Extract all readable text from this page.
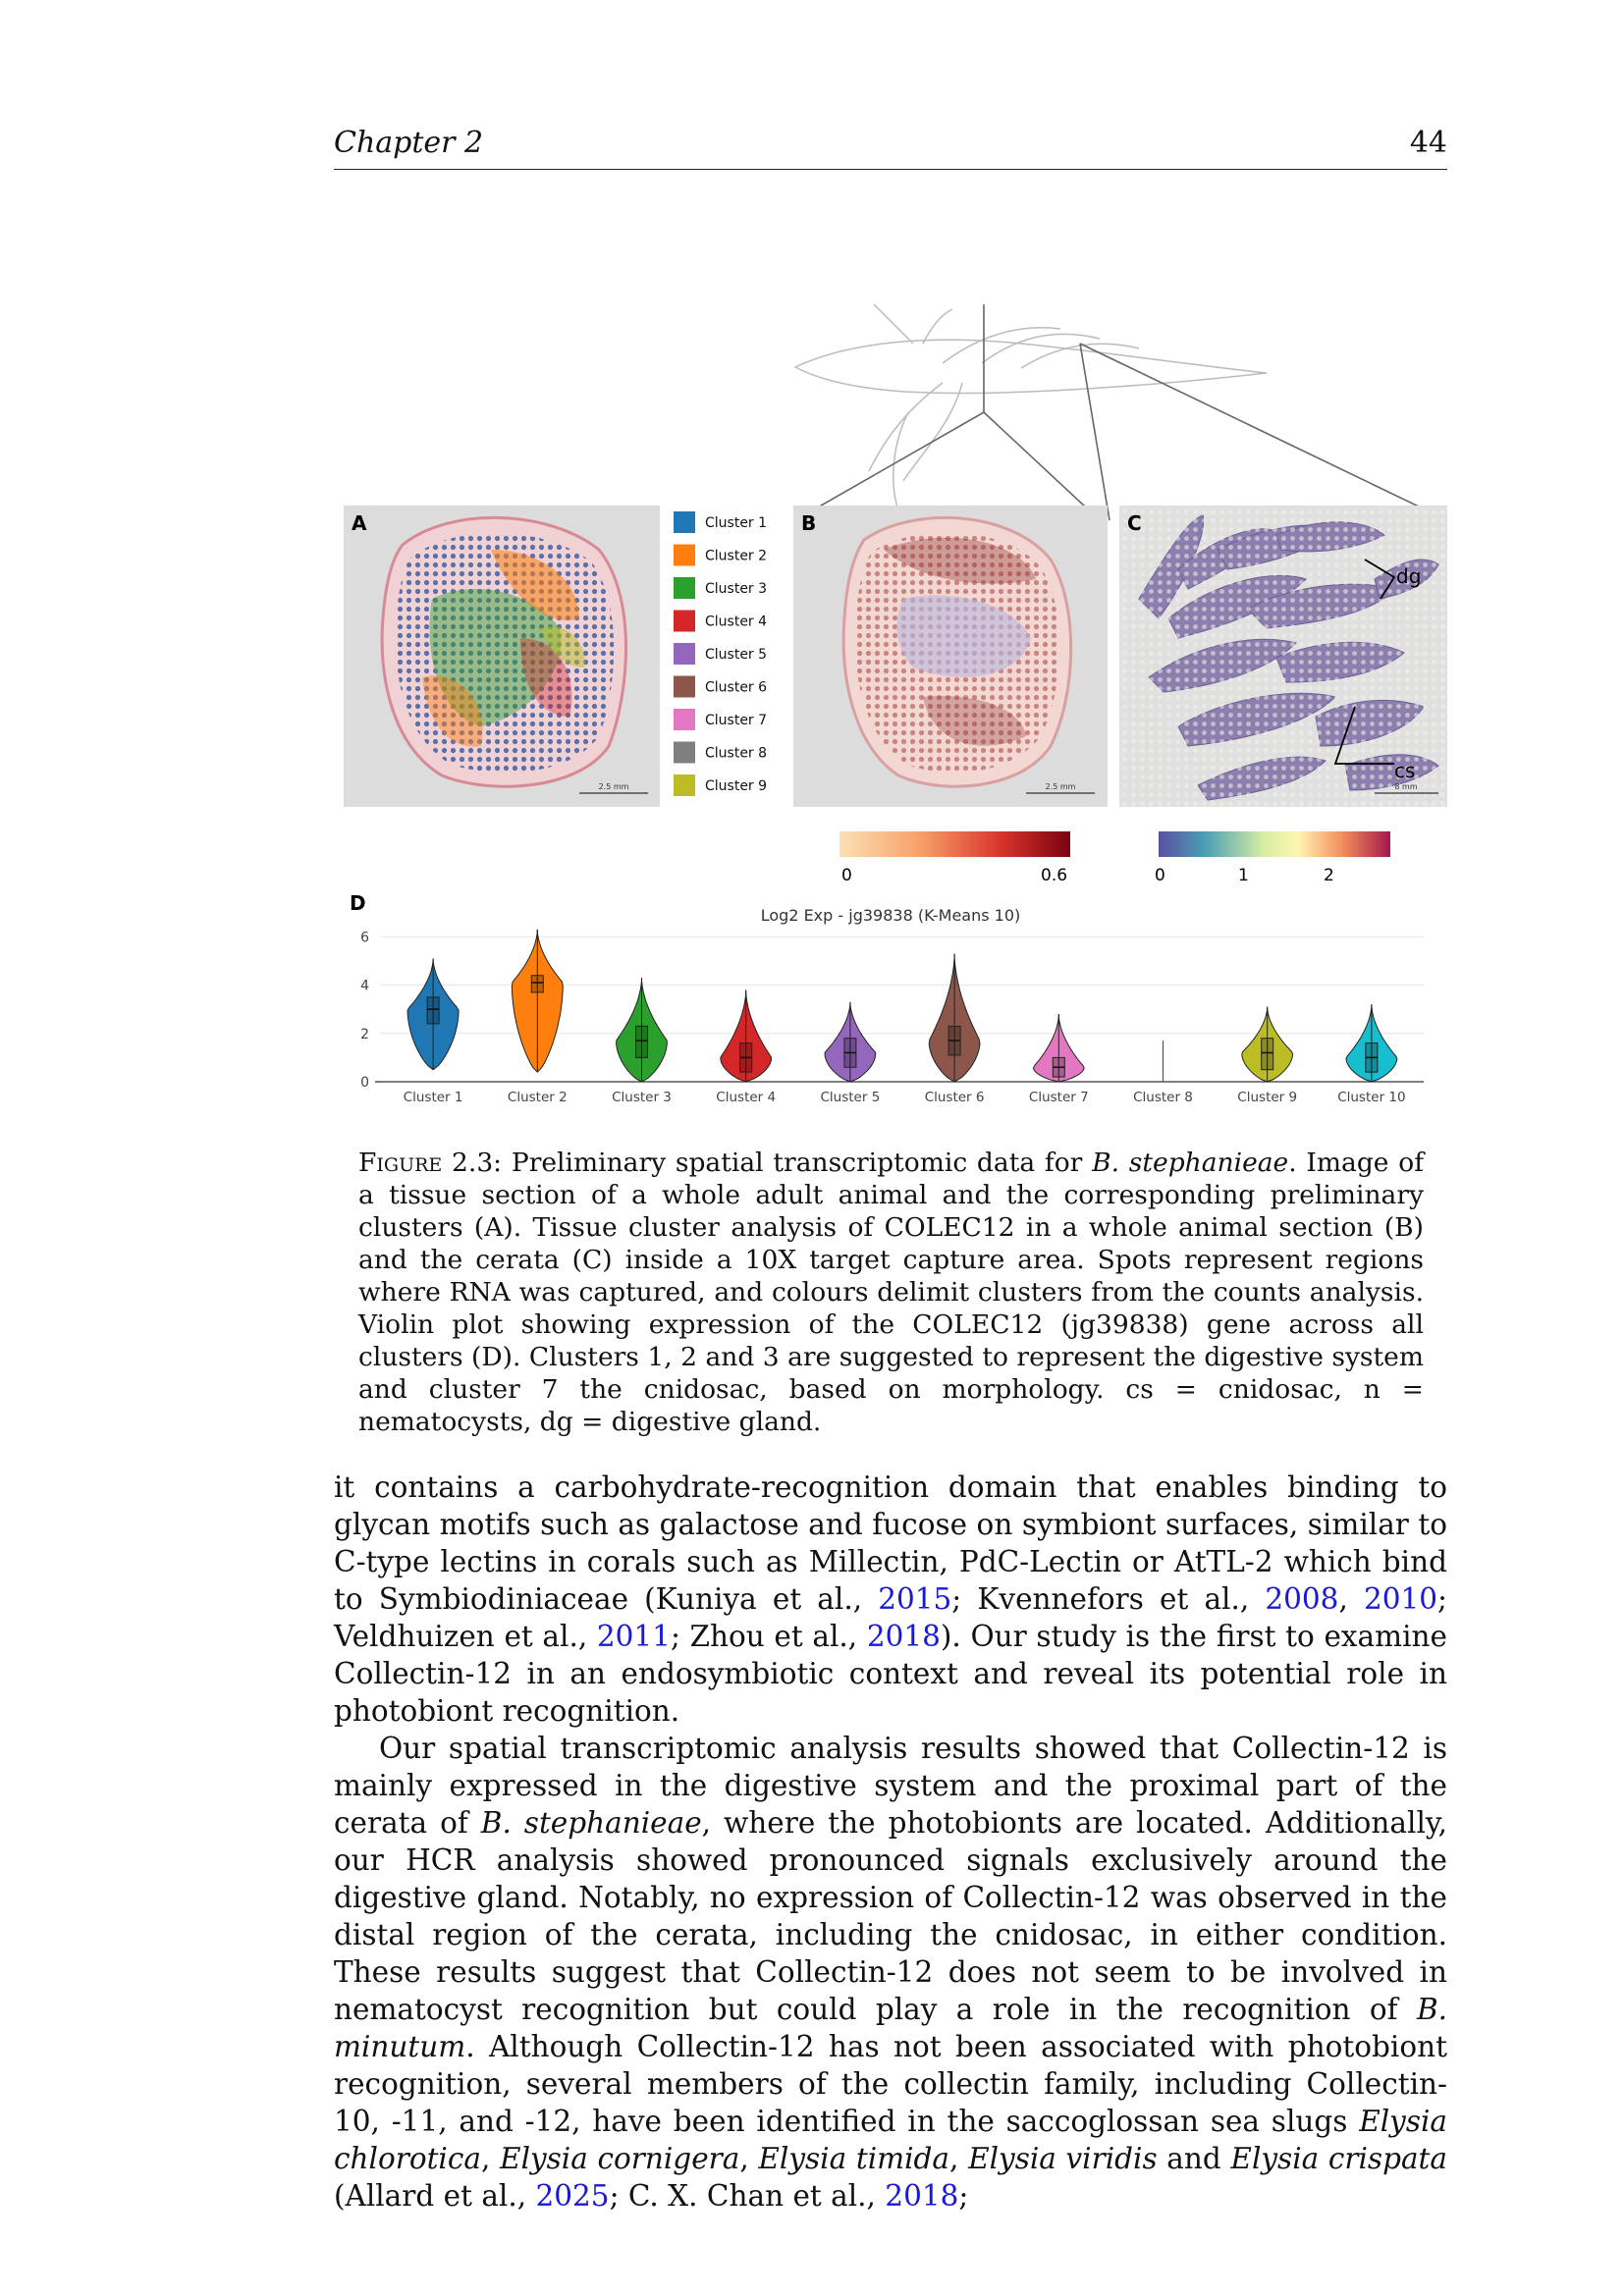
Chapter 2	44
2.5 mm
A	Cluster 1
Cluster 2
Cluster 3
Cluster 4
Cluster 5
Cluster 6
Cluster 7
Cluster 8
Cluster 9	2.5 mm
B
dg
cs
8 mm
C
0	0.6	0	1	2
D
Log2 Exp - jg39838 (K-Means 10)
0
2
4
6
Cluster 1	Cluster 2	Cluster 3	Cluster 4	Cluster 5	Cluster 6	Cluster 7	Cluster 8	Cluster 9	Cluster 10
Figure 2.3: Preliminary spatial transcriptomic data for B. stephanieae. Image of a tissue section of a whole adult animal and the corresponding preliminary clusters (A). Tissue cluster analysis of COLEC12 in a whole animal section (B) and the cerata (C) inside a 10X target capture area. Spots represent regions where RNA was captured, and colours delimit clusters from the counts analysis. Violin plot showing expression of the COLEC12 (jg39838) gene across all clusters (D). Clusters 1, 2 and 3 are suggested to represent the digestive system and cluster 7 the cnidosac, based on morphology. cs = cnidosac, n = nematocysts, dg = digestive gland.

it contains a carbohydrate-recognition domain that enables binding to glycan motifs such as galactose and fucose on symbiont surfaces, similar to C-type lectins in corals such as Millectin, PdC-Lectin or AtTL-2 which bind to Symbiodiniaceae (Kuniya et al., 2015; Kvennefors et al., 2008, 2010; Veldhuizen et al., 2011; Zhou et al., 2018). Our study is the first to examine Collectin-12 in an endosymbiotic context and reveal its potential role in photobiont recognition.

Our spatial transcriptomic analysis results showed that Collectin-12 is mainly expressed in the digestive system and the proximal part of the cerata of B. stephanieae, where the photobionts are located. Additionally, our HCR analysis showed pronounced signals exclusively around the digestive gland. Notably, no expression of Collectin-12 was observed in the distal region of the cerata, including the cnidosac, in either condition. These results suggest that Collectin-12 does not seem to be involved in nematocyst recognition but could play a role in the recognition of B. minutum. Although Collectin-12 has not been associated with photobiont recognition, several members of the collectin family, including Collectin-10, -11, and -12, have been identified in the saccoglossan sea slugs Elysia chlorotica, Elysia cornigera, Elysia timida, Elysia viridis and Elysia crispata (Allard et al., 2025; C. X. Chan et al., 2018;
